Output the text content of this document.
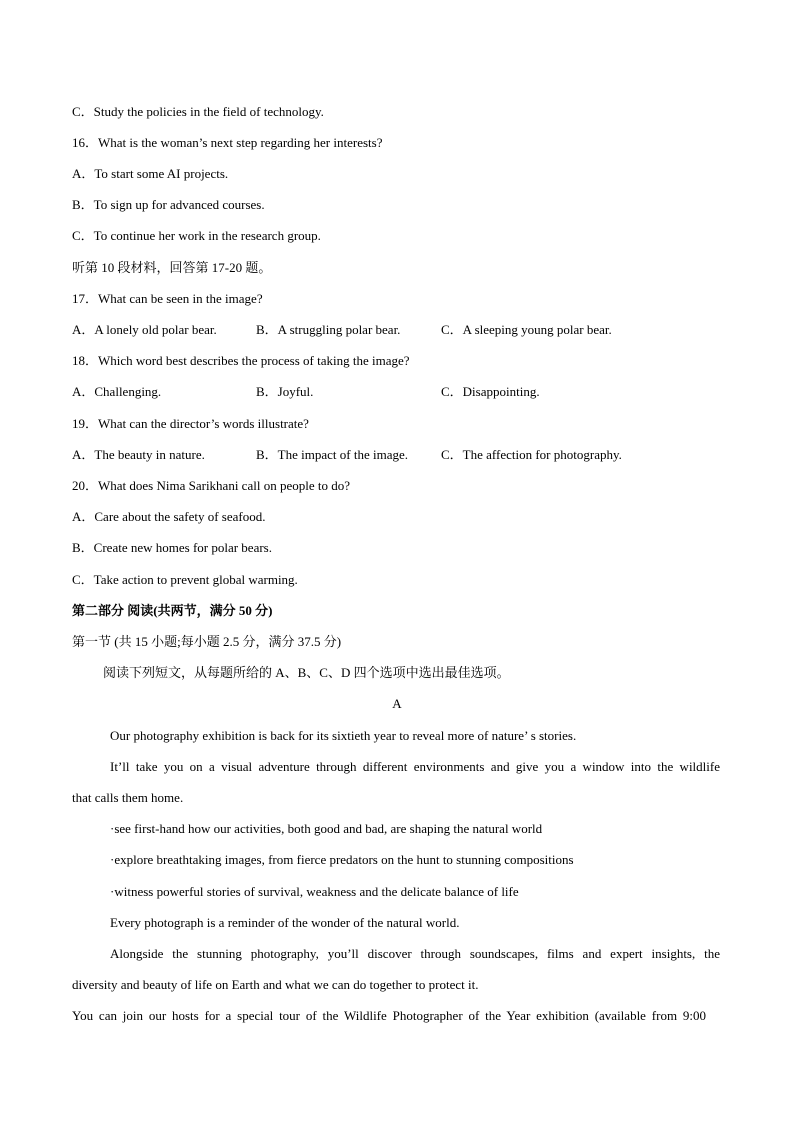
C．Study the policies in the field of technology.
16．What is the woman’s next step regarding her interests?
A．To start some AI projects.
B．To sign up for advanced courses.
C．To continue her work in the research group.
听第 10 段材料，回答第 17-20 题。
17．What can be seen in the image?
A．A lonely old polar bear.	B．A struggling polar bear.	C．A sleeping young polar bear.
18．Which word best describes the process of taking the image?
A．Challenging.	B．Joyful.	C．Disappointing.
19．What can the director’s words illustrate?
A．The beauty in nature.	B．The impact of the image.	C．The affection for photography.
20．What does Nima Sarikhani call on people to do?
A．Care about the safety of seafood.
B．Create new homes for polar bears.
C．Take action to prevent global warming.
第二部分 阅读(共两节，满分 50 分)
第一节 (共 15 小题;每小题 2.5 分，满分 37.5 分)
阅读下列短文，从每题所给的 A、B、C、D 四个选项中选出最佳选项。
A
Our photography exhibition is back for its sixtieth year to reveal more of nature’ s stories.
It’ll take you on a visual adventure through different environments and give you a window into the wildlife
that calls them home.
·see first-hand how our activities, both good and bad, are shaping the natural world
·explore breathtaking images, from fierce predators on the hunt to stunning compositions
·witness powerful stories of survival, weakness and the delicate balance of life
Every photograph is a reminder of the wonder of the natural world.
Alongside the stunning photography, you’ll discover through soundscapes, films and expert insights, the
diversity and beauty of life on Earth and what we can do together to protect it.
You can join our hosts for a special tour of the Wildlife Photographer of the Year exhibition (available from 9:00
